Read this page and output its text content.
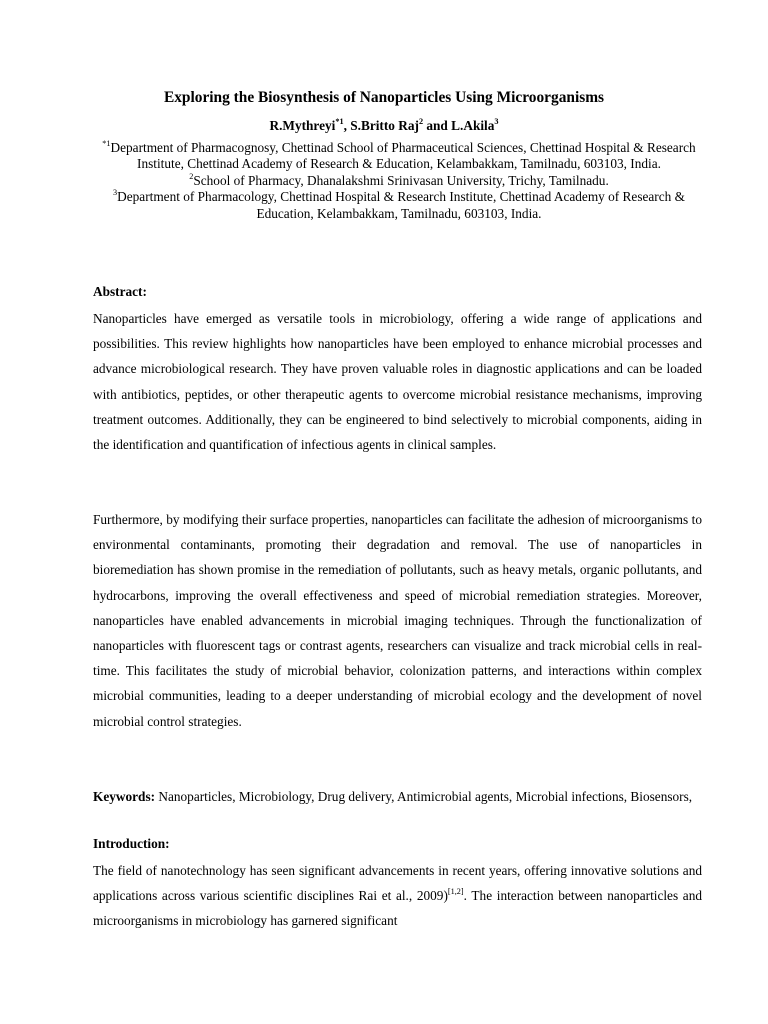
Exploring the Biosynthesis of Nanoparticles Using Microorganisms
R.Mythreyi$^{*1}$, S.Britto Raj$^2$ and L.Akila$^3$
$^{*1}$Department of Pharmacognosy, Chettinad School of Pharmaceutical Sciences, Chettinad Hospital & Research Institute, Chettinad Academy of Research & Education, Kelambakkam, Tamilnadu, 603103, India.
$^2$School of Pharmacy, Dhanalakshmi Srinivasan University, Trichy, Tamilnadu.
$^3$Department of Pharmacology, Chettinad Hospital & Research Institute, Chettinad Academy of Research & Education, Kelambakkam, Tamilnadu, 603103, India.
Abstract:

Nanoparticles have emerged as versatile tools in microbiology, offering a wide range of applications and possibilities. This review highlights how nanoparticles have been employed to enhance microbial processes and advance microbiological research. They have proven valuable roles in diagnostic applications and can be loaded with antibiotics, peptides, or other therapeutic agents to overcome microbial resistance mechanisms, improving treatment outcomes. Additionally, they can be engineered to bind selectively to microbial components, aiding in the identification and quantification of infectious agents in clinical samples.

Furthermore, by modifying their surface properties, nanoparticles can facilitate the adhesion of microorganisms to environmental contaminants, promoting their degradation and removal. The use of nanoparticles in bioremediation has shown promise in the remediation of pollutants, such as heavy metals, organic pollutants, and hydrocarbons, improving the overall effectiveness and speed of microbial remediation strategies. Moreover, nanoparticles have enabled advancements in microbial imaging techniques. Through the functionalization of nanoparticles with fluorescent tags or contrast agents, researchers can visualize and track microbial cells in real-time. This facilitates the study of microbial behavior, colonization patterns, and interactions within complex microbial communities, leading to a deeper understanding of microbial ecology and the development of novel microbial control strategies.

Keywords: Nanoparticles, Microbiology, Drug delivery, Antimicrobial agents, Microbial infections, Biosensors,

Introduction:

The field of nanotechnology has seen significant advancements in recent years, offering innovative solutions and applications across various scientific disciplines Rai et al., 2009)[1,2]. The interaction between nanoparticles and microorganisms in microbiology has garnered significant
